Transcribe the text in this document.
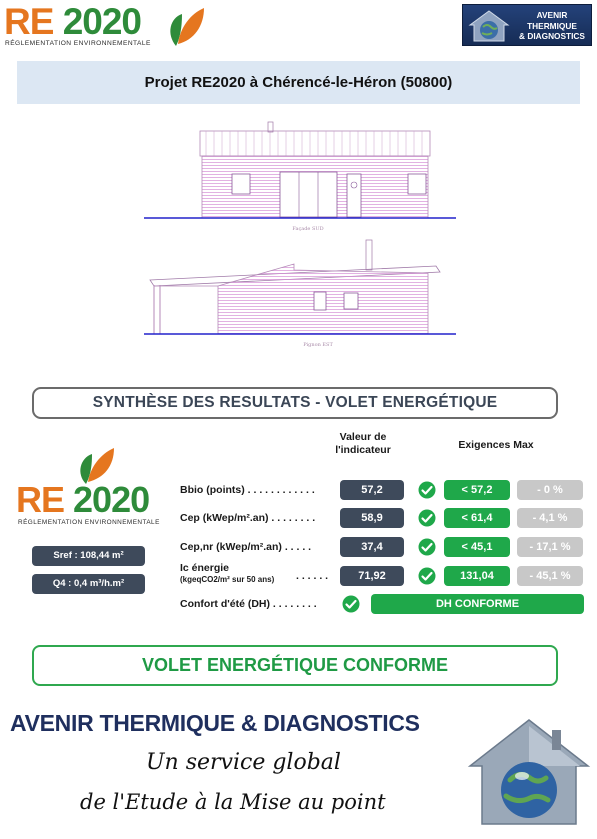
RE 2020
RÉGLEMENTATION ENVIRONNEMENTALE
AVENIR
THERMIQUE
& DIAGNOSTICS
Projet RE2020 à Chérencé-le-Héron (50800)
Façade SUD
Pignon EST
SYNTHÈSE DES RESULTATS - VOLET ENERGÉTIQUE
Valeur de
l'indicateur	Exigences Max
RE 2020
RÉGLEMENTATION ENVIRONNEMENTALE
Sref : 108,44 m²
Q4 : 0,4 m³/h.m²
Bbio (points) . . . . . . . . . . . .	57,2	< 57,2	- 0 %
Cep (kWep/m².an) . . . . . . . .	58,9	< 61,4	- 4,1 %
Cep,nr (kWep/m².an) . . . . .	37,4	< 45,1	- 17,1 %
Ic énergie
(kgeqCO2/m² sur 50 ans) . . . . . .	71,92	131,04	- 45,1 %
Confort d'été (DH) . . . . . . . .	DH CONFORME
VOLET ENERGÉTIQUE CONFORME
AVENIR THERMIQUE & DIAGNOSTICS
Un service global
de l'Etude à la Mise au point
